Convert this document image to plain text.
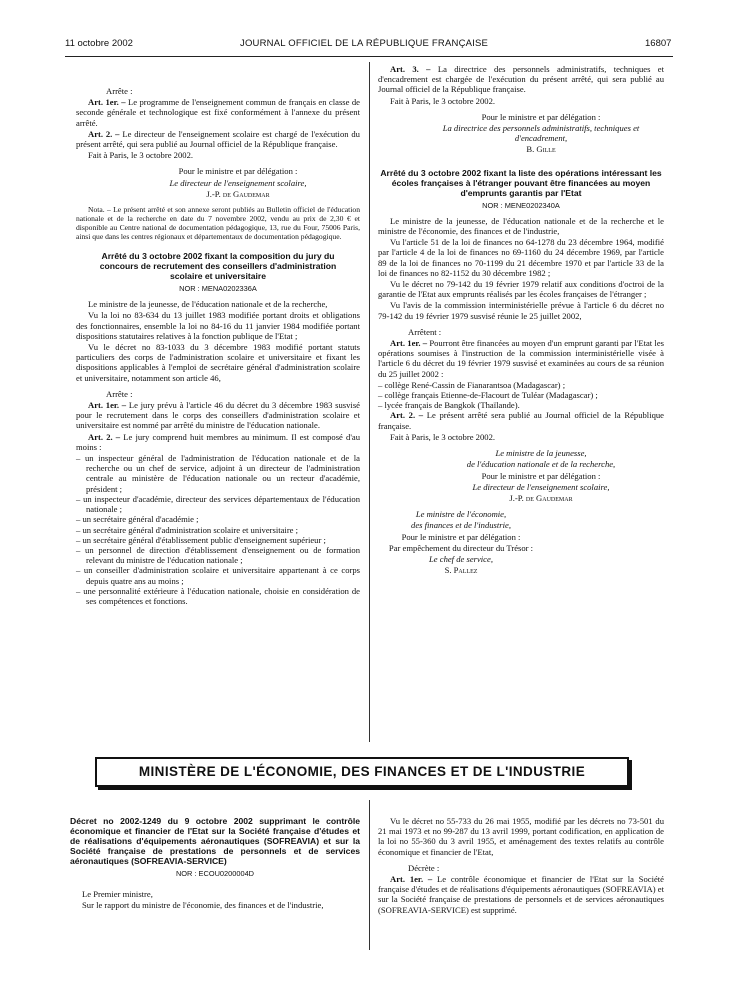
11 octobre 2002	JOURNAL OFFICIEL DE LA RÉPUBLIQUE FRANÇAISE	16807

Arrête :

Art. 1er. – Le programme de l'enseignement commun de français en classe de seconde générale et technologique est fixé conformément à l'annexe du présent arrêté.

Art. 2. – Le directeur de l'enseignement scolaire est chargé de l'exécution du présent arrêté, qui sera publié au Journal officiel de la République française.

Fait à Paris, le 3 octobre 2002.

Pour le ministre et par délégation :

Le directeur de l'enseignement scolaire,

J.-P. de Gaudemar

Nota. – Le présent arrêté et son annexe seront publiés au Bulletin officiel de l'éducation nationale et de la recherche en date du 7 novembre 2002, vendu au prix de 2,30 € et disponible au Centre national de documentation pédagogique, 13, rue du Four, 75006 Paris, ainsi que dans les centres régionaux et départementaux de documentation pédagogique.

Arrêté du 3 octobre 2002 fixant la composition du jury du concours de recrutement des conseillers d'administration scolaire et universitaire

NOR : MENA0202336A

Le ministre de la jeunesse, de l'éducation nationale et de la recherche,

Vu la loi no 83-634 du 13 juillet 1983 modifiée portant droits et obligations des fonctionnaires, ensemble la loi no 84-16 du 11 janvier 1984 modifiée portant dispositions statutaires relatives à la fonction publique de l'Etat ;

Vu le décret no 83-1033 du 3 décembre 1983 modifié portant statuts particuliers des corps de l'administration scolaire et universitaire et fixant les dispositions applicables à l'emploi de secrétaire général d'administration scolaire et universitaire, notamment son article 46,

Arrête :

Art. 1er. – Le jury prévu à l'article 46 du décret du 3 décembre 1983 susvisé pour le recrutement dans le corps des conseillers d'administration scolaire et universitaire est nommé par arrêté du ministre de l'éducation nationale.

Art. 2. – Le jury comprend huit membres au minimum. Il est composé d'au moins :

– un inspecteur général de l'administration de l'éducation nationale et de la recherche ou un chef de service, adjoint à un directeur de l'administration centrale au ministère de l'éducation nationale ou un recteur d'académie, président ;
– un inspecteur d'académie, directeur des services départementaux de l'éducation nationale ;
– un secrétaire général d'académie ;
– un secrétaire général d'administration scolaire et universitaire ;
– un secrétaire général d'établissement public d'enseignement supérieur ;
– un personnel de direction d'établissement d'enseignement ou de formation relevant du ministre de l'éducation nationale ;
– un conseiller d'administration scolaire et universitaire appartenant à ce corps depuis quatre ans au moins ;
– une personnalité extérieure à l'éducation nationale, choisie en considération de ses compétences et fonctions.

Art. 3. – La directrice des personnels administratifs, techniques et d'encadrement est chargée de l'exécution du présent arrêté, qui sera publié au Journal officiel de la République française.

Fait à Paris, le 3 octobre 2002.

Pour le ministre et par délégation :

La directrice des personnels administratifs, techniques et d'encadrement,

B. Gille

Arrêté du 3 octobre 2002 fixant la liste des opérations intéressant les écoles françaises à l'étranger pouvant être financées au moyen d'emprunts garantis par l'Etat

NOR : MENE0202340A

Le ministre de la jeunesse, de l'éducation nationale et de la recherche et le ministre de l'économie, des finances et de l'industrie,

Vu l'article 51 de la loi de finances no 64-1278 du 23 décembre 1964, modifié par l'article 4 de la loi de finances no 69-1160 du 24 décembre 1969, par l'article 89 de la loi de finances no 70-1199 du 21 décembre 1970 et par l'article 33 de la loi de finances no 82-1152 du 30 décembre 1982 ;

Vu le décret no 79-142 du 19 février 1979 relatif aux conditions d'octroi de la garantie de l'Etat aux emprunts réalisés par les écoles françaises de l'étranger ;

Vu l'avis de la commission interministérielle prévue à l'article 6 du décret no 79-142 du 19 février 1979 susvisé réunie le 25 juillet 2002,

Arrêtent :

Art. 1er. – Pourront être financées au moyen d'un emprunt garanti par l'Etat les opérations soumises à l'instruction de la commission interministérielle visée à l'article 6 du décret du 19 février 1979 susvisé et examinées au cours de sa réunion du 25 juillet 2002 :

– collège René-Cassin de Fianarantsoa (Madagascar) ;
– collège français Etienne-de-Flacourt de Tuléar (Madagascar) ;
– lycée français de Bangkok (Thaïlande).

Art. 2. – Le présent arrêté sera publié au Journal officiel de la République française.

Fait à Paris, le 3 octobre 2002.

Le ministre de la jeunesse,

de l'éducation nationale et de la recherche,

Pour le ministre et par délégation :

Le directeur de l'enseignement scolaire,

J.-P. de Gaudemar

Le ministre de l'économie,

des finances et de l'industrie,

Pour le ministre et par délégation :

Par empêchement du directeur du Trésor :

Le chef de service,

S. Pallez

MINISTÈRE DE L'ÉCONOMIE, DES FINANCES ET DE L'INDUSTRIE

Décret no 2002-1249 du 9 octobre 2002 supprimant le contrôle économique et financier de l'Etat sur la Société française d'études et de réalisations d'équipements aéronautiques (SOFREAVIA) et sur la Société française de prestations de personnels et de services aéronautiques (SOFREAVIA-SERVICE)

NOR : ECOU0200004D

Le Premier ministre,

Sur le rapport du ministre de l'économie, des finances et de l'industrie,

Vu le décret no 55-733 du 26 mai 1955, modifié par les décrets no 73-501 du 21 mai 1973 et no 99-287 du 13 avril 1999, portant codification, en application de la loi no 55-360 du 3 avril 1955, et aménagement des textes relatifs au contrôle économique et financier de l'Etat,

Décrète :

Art. 1er. – Le contrôle économique et financier de l'Etat sur la Société française d'études et de réalisations d'équipements aéronautiques (SOFREAVIA) et sur la Société française de prestations de personnels et de services aéronautiques (SOFREAVIA-SERVICE) est supprimé.
